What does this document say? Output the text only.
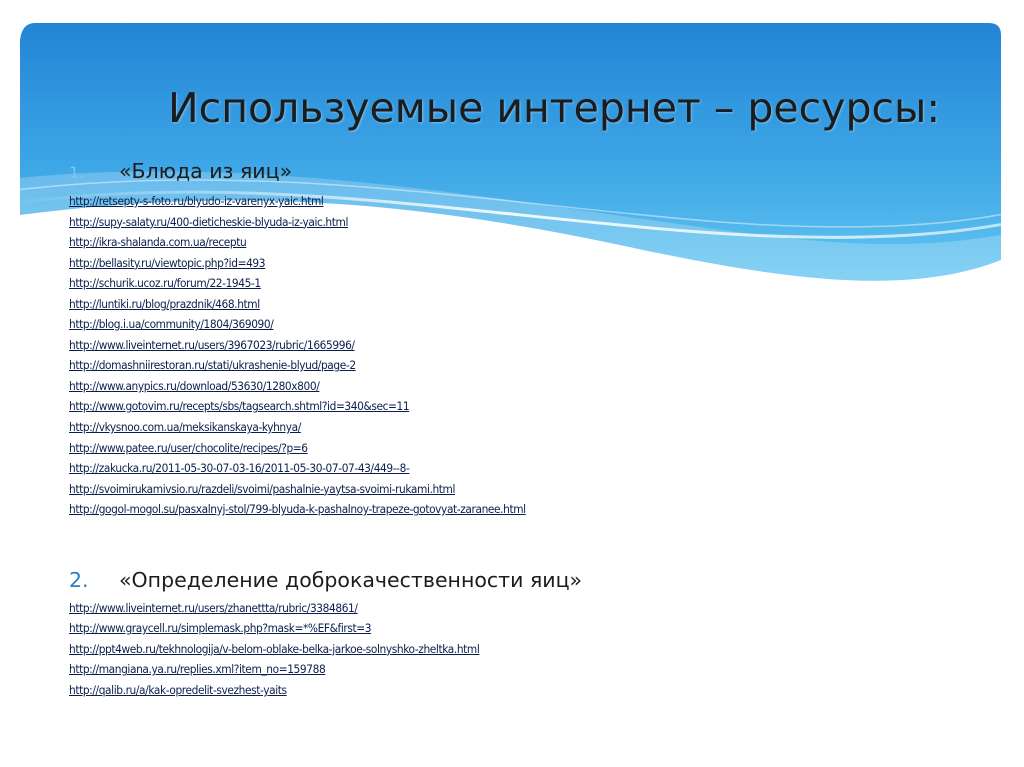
Используемые интернет – ресурсы:
1.	«Блюда из яиц»
http://retsepty-s-foto.ru/blyudo-iz-varenyx-yaic.html
http://supy-salaty.ru/400-dieticheskie-blyuda-iz-yaic.html
http://ikra-shalanda.com.ua/receptu
http://bellasity.ru/viewtopic.php?id=493
http://schurik.ucoz.ru/forum/22-1945-1
http://luntiki.ru/blog/prazdnik/468.html
http://blog.i.ua/community/1804/369090/
http://www.liveinternet.ru/users/3967023/rubric/1665996/
http://domashniirestoran.ru/stati/ukrashenie-blyud/page-2
http://www.anypics.ru/download/53630/1280x800/
http://www.gotovim.ru/recepts/sbs/tagsearch.shtml?id=340&sec=11
http://vkysnoo.com.ua/meksikanskaya-kyhnya/
http://www.patee.ru/user/chocolite/recipes/?p=6
http://zakucka.ru/2011-05-30-07-03-16/2011-05-30-07-07-43/449--8-
http://svoimirukamivsio.ru/razdeli/svoimi/pashalnie-yaytsa-svoimi-rukami.html
http://gogol-mogol.su/pasxalnyj-stol/799-blyuda-k-pashalnoy-trapeze-gotovyat-zaranee.html
2.	«Определение доброкачественности яиц»
http://www.liveinternet.ru/users/zhanettta/rubric/3384861/
http://www.graycell.ru/simplemask.php?mask=*%EF&first=3
http://ppt4web.ru/tekhnologija/v-belom-oblake-belka-jarkoe-solnyshko-zheltka.html
http://mangiana.ya.ru/replies.xml?item_no=159788
http://qalib.ru/a/kak-opredelit-svezhest-yaits
